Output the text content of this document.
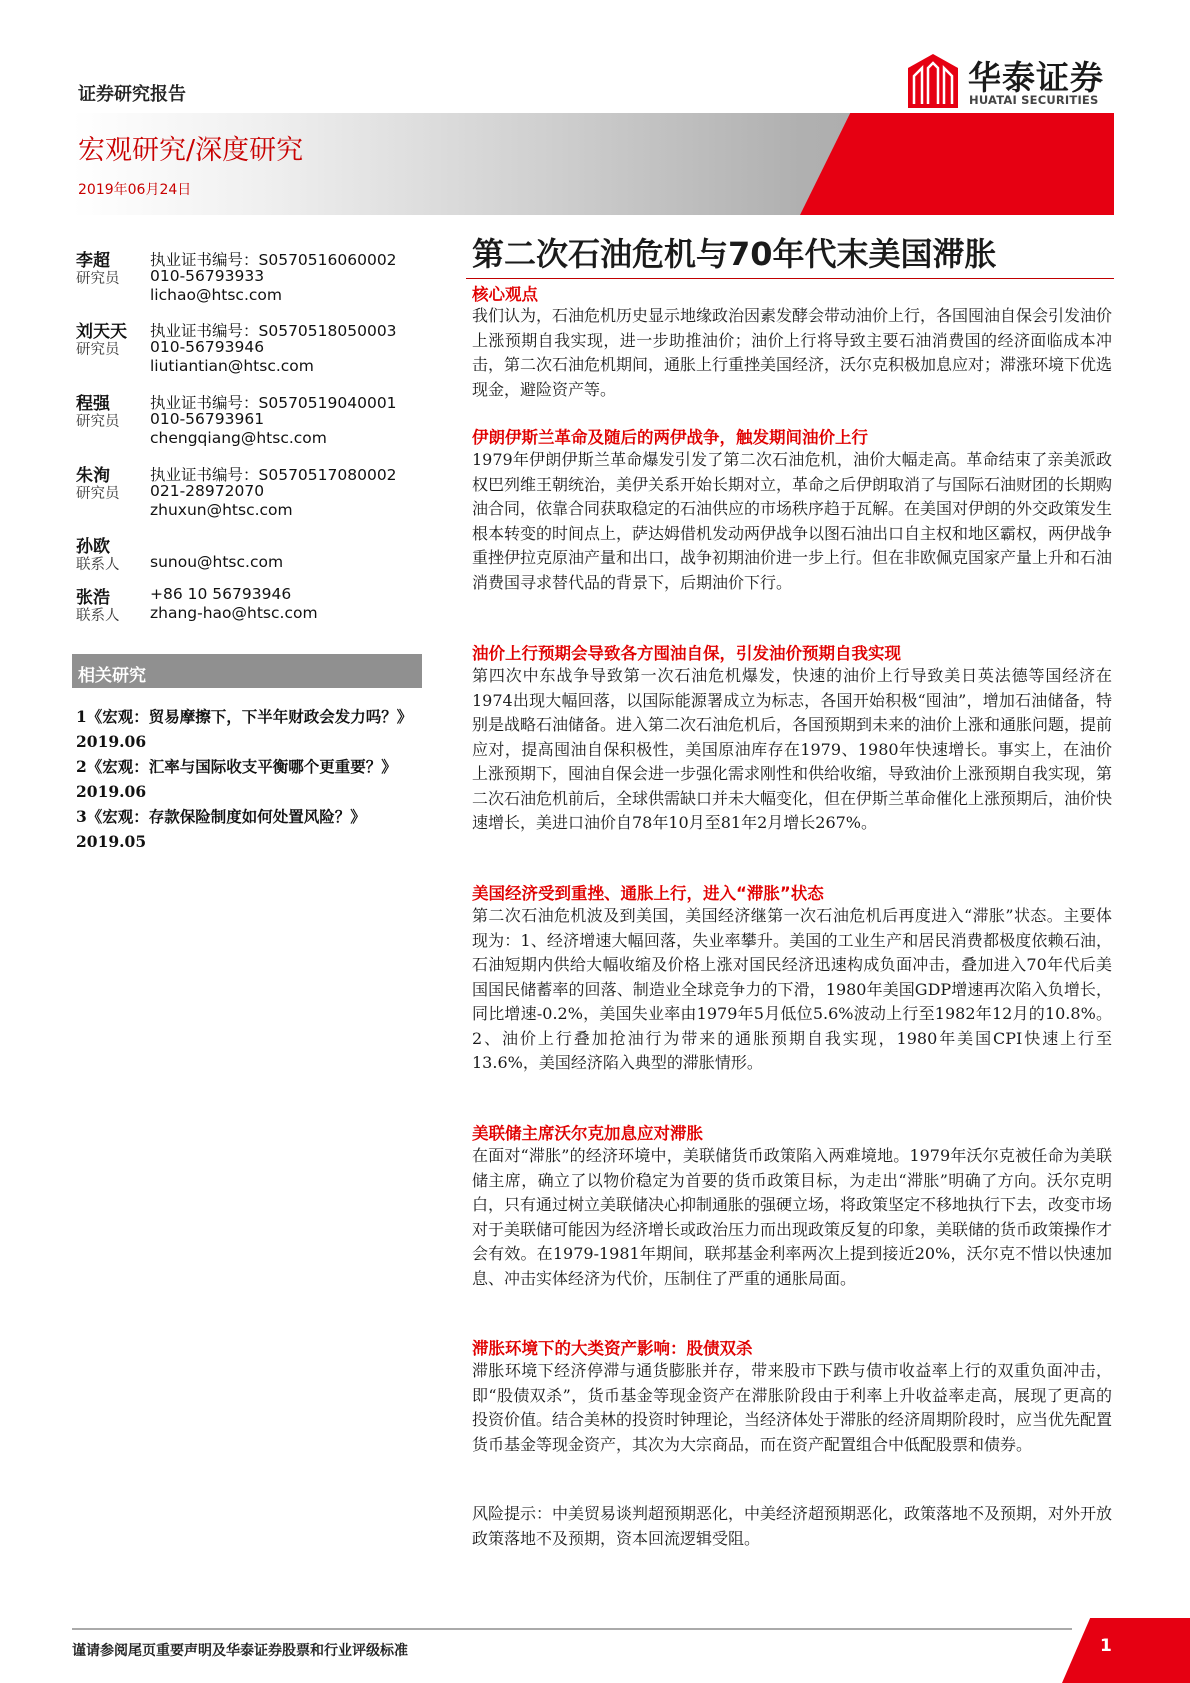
证券研究报告	华泰证券
HUATAI SECURITIES
宏观研究/深度研究
2019年06月24日
第二次石油危机与70年代末美国滞胀
李超
研究员
执业证书编号：S0570516060002
010-56793933
lichao@htsc.com
刘天天
研究员
执业证书编号：S0570518050003
010-56793946
liutiantian@htsc.com
程强
研究员
执业证书编号：S0570519040001
010-56793961
chengqiang@htsc.com
朱洵
研究员
执业证书编号：S0570517080002
021-28972070
zhuxun@htsc.com
孙欧
联系人 sunou@htsc.com
张浩
联系人
+86 10 56793946
zhang-hao@htsc.com
相关研究
1《宏观：贸易摩擦下，下半年财政会发力吗？》2019.06
2《宏观：汇率与国际收支平衡哪个更重要？》2019.06
3《宏观：存款保险制度如何处置风险？》2019.05
核心观点
我们认为，石油危机历史显示地缘政治因素发酵会带动油价上行，各国囤油自保会引发油价上涨预期自我实现，进一步助推油价；油价上行将导致主要石油消费国的经济面临成本冲击，第二次石油危机期间，通胀上行重挫美国经济，沃尔克积极加息应对；滞涨环境下优选现金，避险资产等。
伊朗伊斯兰革命及随后的两伊战争，触发期间油价上行
1979年伊朗伊斯兰革命爆发引发了第二次石油危机，油价大幅走高。革命结束了亲美派政权巴列维王朝统治，美伊关系开始长期对立，革命之后伊朗取消了与国际石油财团的长期购油合同，依靠合同获取稳定的石油供应的市场秩序趋于瓦解。在美国对伊朗的外交政策发生根本转变的时间点上，萨达姆借机发动两伊战争以图石油出口自主权和地区霸权，两伊战争重挫伊拉克原油产量和出口，战争初期油价进一步上行。但在非欧佩克国家产量上升和石油消费国寻求替代品的背景下，后期油价下行。
油价上行预期会导致各方囤油自保，引发油价预期自我实现
第四次中东战争导致第一次石油危机爆发，快速的油价上行导致美日英法德等国经济在1974出现大幅回落，以国际能源署成立为标志，各国开始积极“囤油”，增加石油储备，特别是战略石油储备。进入第二次石油危机后，各国预期到未来的油价上涨和通胀问题，提前应对，提高囤油自保积极性，美国原油库存在1979、1980年快速增长。事实上，在油价上涨预期下，囤油自保会进一步强化需求刚性和供给收缩，导致油价上涨预期自我实现，第二次石油危机前后，全球供需缺口并未大幅变化，但在伊斯兰革命催化上涨预期后，油价快速增长，美进口油价自78年10月至81年2月增长267%。
美国经济受到重挫、通胀上行，进入“滞胀”状态
第二次石油危机波及到美国，美国经济继第一次石油危机后再度进入“滞胀”状态。主要体现为：1、经济增速大幅回落，失业率攀升。美国的工业生产和居民消费都极度依赖石油，石油短期内供给大幅收缩及价格上涨对国民经济迅速构成负面冲击，叠加进入70年代后美国国民储蓄率的回落、制造业全球竞争力的下滑，1980年美国GDP增速再次陷入负增长，同比增速-0.2%，美国失业率由1979年5月低位5.6%波动上行至1982年12月的10.8%。2、油价上行叠加抢油行为带来的通胀预期自我实现，1980年美国CPI快速上行至13.6%，美国经济陷入典型的滞胀情形。
美联储主席沃尔克加息应对滞胀
在面对“滞胀”的经济环境中，美联储货币政策陷入两难境地。1979年沃尔克被任命为美联储主席，确立了以物价稳定为首要的货币政策目标，为走出“滞胀”明确了方向。沃尔克明白，只有通过树立美联储决心抑制通胀的强硬立场，将政策坚定不移地执行下去，改变市场对于美联储可能因为经济增长或政治压力而出现政策反复的印象，美联储的货币政策操作才会有效。在1979-1981年期间，联邦基金利率两次上提到接近20%，沃尔克不惜以快速加息、冲击实体经济为代价，压制住了严重的通胀局面。
滞胀环境下的大类资产影响：股债双杀
滞胀环境下经济停滞与通货膨胀并存，带来股市下跌与债市收益率上行的双重负面冲击，即“股债双杀”，货币基金等现金资产在滞胀阶段由于利率上升收益率走高，展现了更高的投资价值。结合美林的投资时钟理论，当经济体处于滞胀的经济周期阶段时，应当优先配置货币基金等现金资产，其次为大宗商品，而在资产配置组合中低配股票和债券。
风险提示：中美贸易谈判超预期恶化，中美经济超预期恶化，政策落地不及预期，对外开放政策落地不及预期，资本回流逻辑受阻。
谨请参阅尾页重要声明及华泰证券股票和行业评级标准	1
